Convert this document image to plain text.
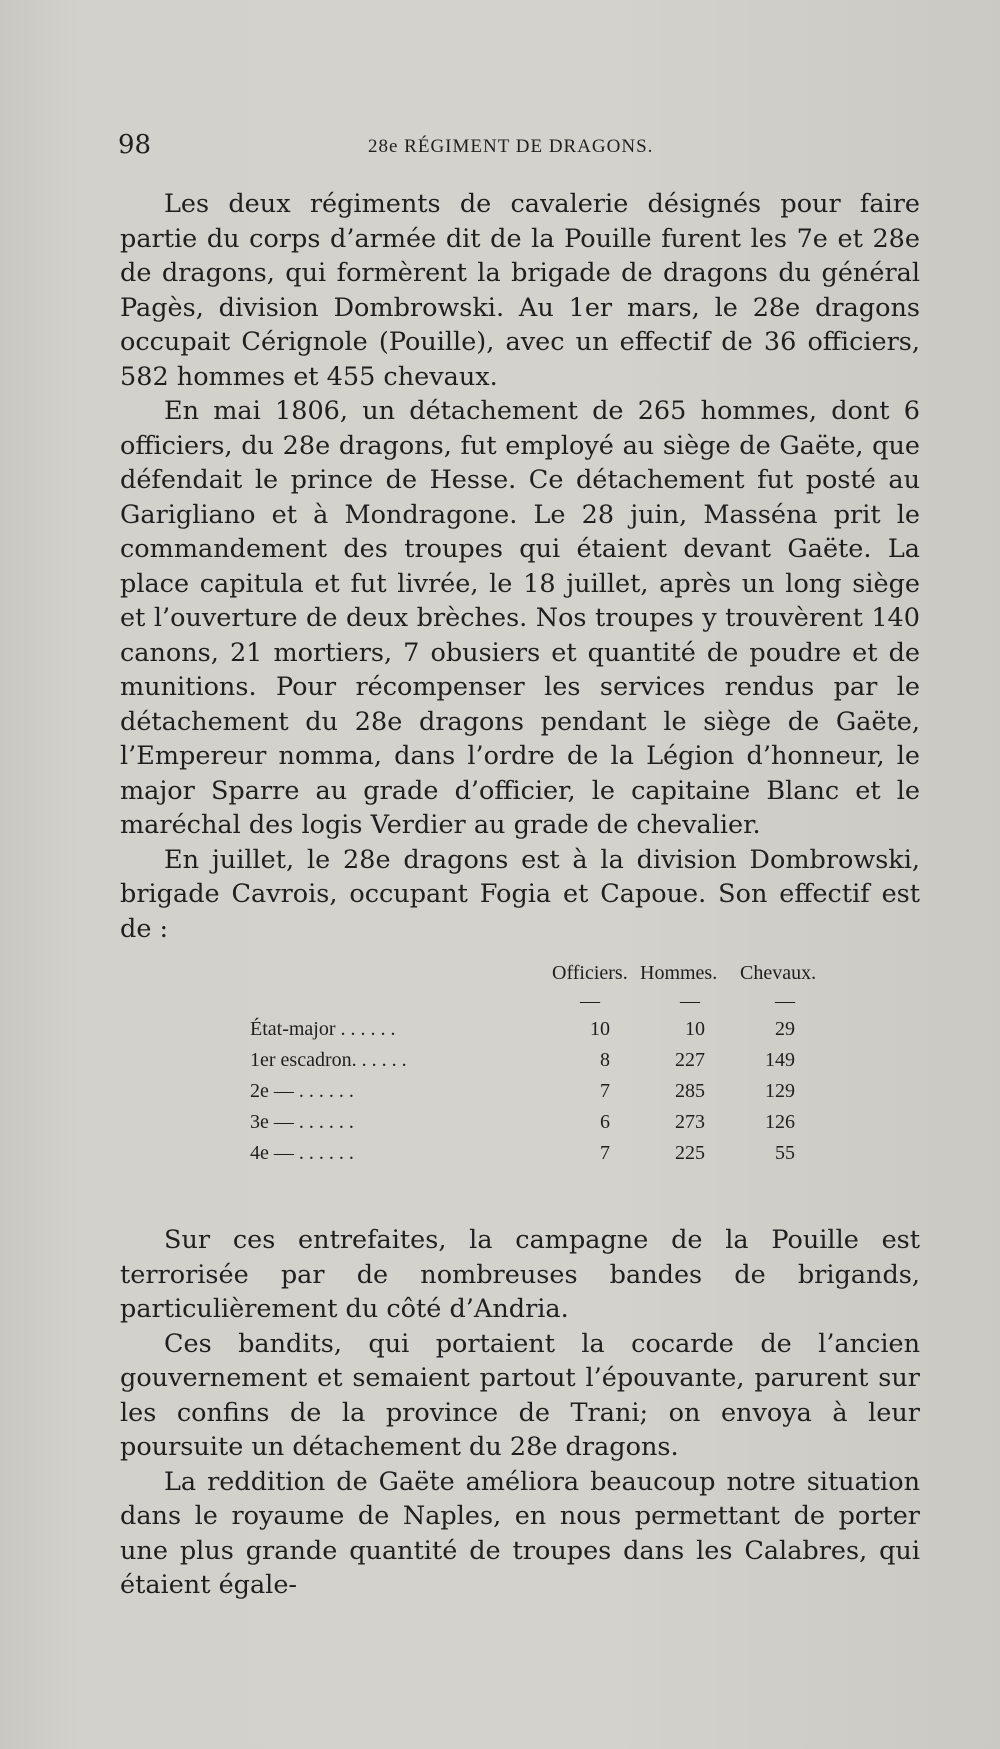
98	28e RÉGIMENT DE DRAGONS.

Les deux régiments de cavalerie désignés pour faire partie du corps d’armée dit de la Pouille furent les 7e et 28e de dragons, qui formèrent la brigade de dragons du général Pagès, division Dombrowski. Au 1er mars, le 28e dragons occupait Cérignole (Pouille), avec un effectif de 36 officiers, 582 hommes et 455 chevaux.

En mai 1806, un détachement de 265 hommes, dont 6 officiers, du 28e dragons, fut employé au siège de Gaëte, que défendait le prince de Hesse. Ce détachement fut posté au Garigliano et à Mondragone. Le 28 juin, Masséna prit le commandement des troupes qui étaient devant Gaëte. La place capitula et fut livrée, le 18 juillet, après un long siège et l’ouverture de deux brèches. Nos troupes y trouvèrent 140 canons, 21 mortiers, 7 obusiers et quantité de poudre et de munitions. Pour récompenser les services rendus par le détachement du 28e dragons pendant le siège de Gaëte, l’Empereur nomma, dans l’ordre de la Légion d’honneur, le major Sparre au grade d’officier, le capitaine Blanc et le maréchal des logis Verdier au grade de chevalier.

En juillet, le 28e dragons est à la division Dombrowski, brigade Cavrois, occupant Fogia et Capoue. Son effectif est de :

Officiers. Hommes. Chevaux.
—	—	—
État-major . . . . . .	10	10	29
1er escadron. . . . . .	8	227	149
2e — . . . . . .	7	285	129
3e — . . . . . .	6	273	126
4e — . . . . . .	7	225	55

Sur ces entrefaites, la campagne de la Pouille est terrorisée par de nombreuses bandes de brigands, particulièrement du côté d’Andria.

Ces bandits, qui portaient la cocarde de l’ancien gouvernement et semaient partout l’épouvante, parurent sur les confins de la province de Trani; on envoya à leur poursuite un détachement du 28e dragons.

La reddition de Gaëte améliora beaucoup notre situation dans le royaume de Naples, en nous permettant de porter une plus grande quantité de troupes dans les Calabres, qui étaient égale-
